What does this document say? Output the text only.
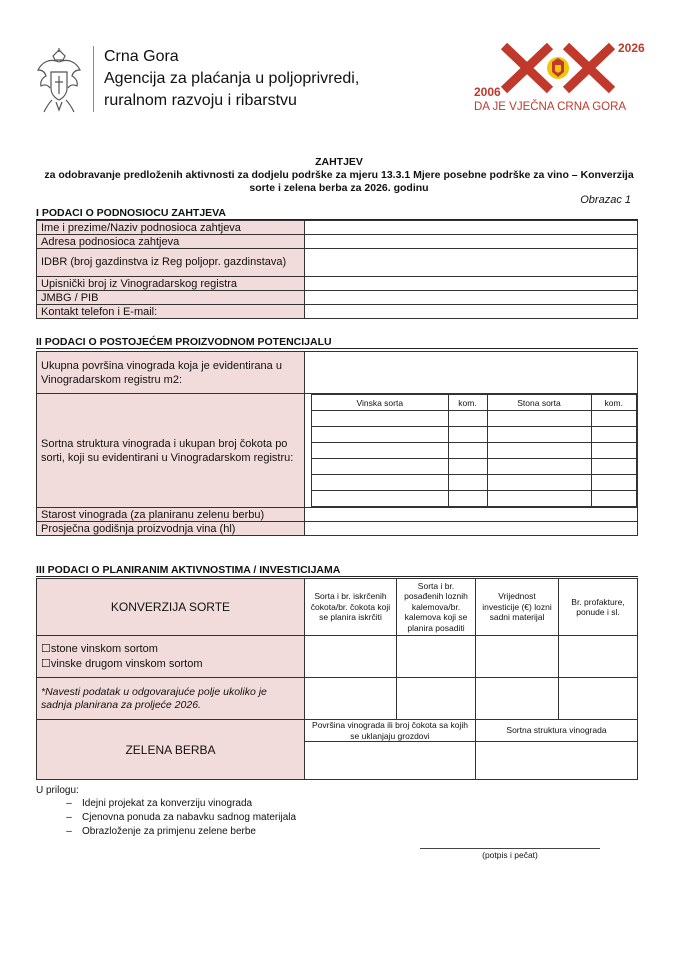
Crna Gora
Agencija za plaćanja u poljoprivredi,
ruralnom razvoju i ribarstvu
2026
2006
DA JE VJEČNA CRNA GORA
ZAHTJEV
za odobravanje predloženih aktivnosti za dodjelu podrške za mjeru 13.3.1 Mjere posebne podrške za vino – Konverzija
sorte i zelena berba za 2026. godinu
Obrazac 1
I PODACI O PODNOSIOCU ZAHTJEVA
Ime i prezime/Naziv podnosioca zahtjeva	
Adresa podnosioca zahtjeva	
IDBR (broj gazdinstva iz Reg poljopr. gazdinstava)	
Upisnički broj iz Vinogradarskog registra	
JMBG / PIB	
Kontakt telefon i E-mail:	
II PODACI O POSTOJEĆEM PROIZVODNOM POTENCIJALU
Ukupna površina vinograda koja je evidentirana u Vinogradarskom registru m2:	
Sortna struktura vinograda i ukupan broj čokota po sorti, koji su evidentirani u Vinogradarskom registru:	
Vinska sorta	kom.	Stona sorta	kom.

Starost vinograda (za planiranu zelenu berbu)	
Prosječna godišnja proizvodnja vina (hl)	
III PODACI O PLANIRANIM AKTIVNOSTIMA / INVESTICIJAMA
KONVERZIJA SORTE	Sorta i br. iskrčenih čokota/br. čokota koji se planira iskrčiti	Sorta i br. posađenih loznih kalemova/br. kalemova koji se planira posaditi	Vrijednost investicije (€) lozni sadni materijal	Br. profakture, ponude i sl.

☐stone vinskom sortom
☐vinske drugom vinskom sortom				

*Navesti podatak u odgovarajuće polje ukoliko je sadnja planirana za proljeće 2026.				
ZELENA BERBA	Površina vinograda ili broj čokota sa kojih se uklanjaju grozdovi		Sortna struktura vinograda	

U prilogu:
– Idejni projekat za konverziju vinograda
– Cjenovna ponuda za nabavku sadnog materijala
– Obrazloženje za primjenu zelene berbe
(potpis i pečat)
